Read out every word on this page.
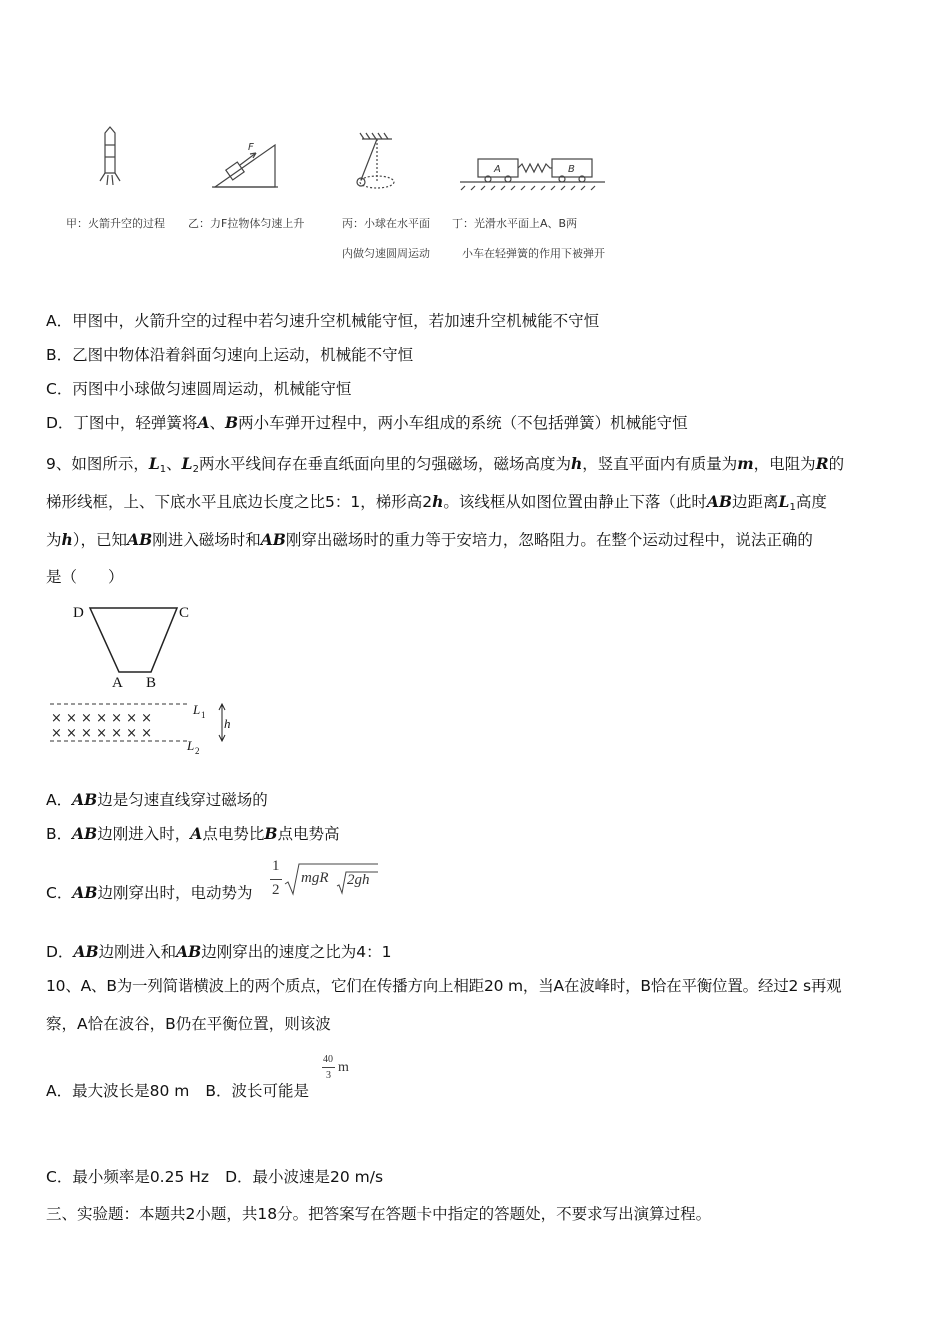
F
A	B
甲：火箭升空的过程 乙：力F拉物体匀速上升	丙：小球在水平面
内做匀速圆周运动
丁：光滑水平面上A、B两
小车在轻弹簧的作用下被弹开
A．甲图中，火箭升空的过程中若匀速升空机械能守恒，若加速升空机械能不守恒
B．乙图中物体沿着斜面匀速向上运动，机械能不守恒
C．丙图中小球做匀速圆周运动，机械能守恒
D．丁图中，轻弹簧将A、B两小车弹开过程中，两小车组成的系统（不包括弹簧）机械能守恒
9、如图所示，$L_1$、$L_2$两水平线间存在垂直纸面向里的匀强磁场，磁场高度为h，竖直平面内有质量为m，电阻为R的
梯形线框，上、下底水平且底边长度之比5：1，梯形高2h。该线框从如图位置由静止下落（此时AB边距离$L_1$高度
为h），已知AB刚进入磁场时和AB刚穿出磁场时的重力等于安培力，忽略阻力。在整个运动过程中，说法正确的
是（　　）
D	C
A B
× × × × × × ×
× × × × × × ×
L 1
L 2
h
A．AB边是匀速直线穿过磁场的
B．AB边刚进入时，A点电势比B点电势高
C．AB边刚穿出时，电动势为
1
2
mgR 2gh
D．AB边刚进入和AB边刚穿出的速度之比为4：1
10、A、B为一列简谐横波上的两个质点，它们在传播方向上相距20 m，当A在波峰时，B恰在平衡位置。经过2 s再观
察，A恰在波谷，B仍在平衡位置，则该波
A．最大波长是80 m B．波长可能是
40
3
m
C．最小频率是0.25 Hz D．最小波速是20 m/s
三、实验题：本题共2小题，共18分。把答案写在答题卡中指定的答题处，不要求写出演算过程。
